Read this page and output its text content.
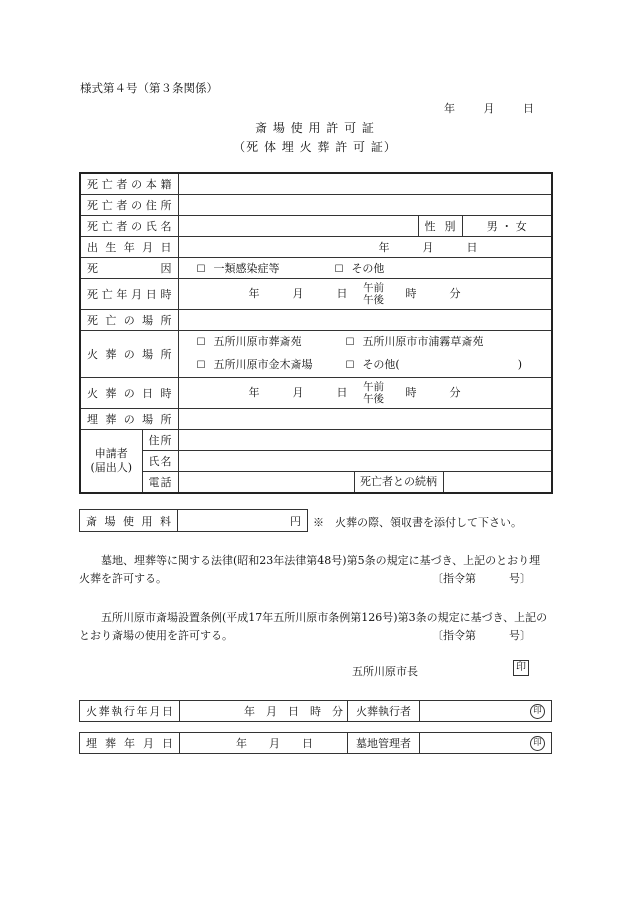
様式第４号（第３条関係）
年	月	日
斎 場 使 用 許 可 証
（死 体 埋 火 葬 許 可 証）
死亡者の本籍				
死亡者の住所				
死亡者の氏名			性別	男 ・ 女
出生年月日		年　　　月　　　日		
死　　　因		☐ 一類感染症等 ☐ その他		
死亡年月日時		年　　　月　　　日 午前
午後 時　　　分		
死亡の場所				
火葬の場所		☐ 五所川原市葬斎苑 ☐ 五所川原市市浦霧草斎苑
☐ 五所川原市金木斎場 ☐ その他( )		

火葬の日時		年　　　月　　　日 午前
午後 時　　　分		
埋葬の場所				
申請者
(届出人)	住所			
	氏名			
	電話	死亡者との続柄		
斎場使用料	円 ※　火葬の際、領収書を添付して下さい。
墓地、埋葬等に関する法律(昭和23年法律第48号)第5条の規定に基づき、上記のとおり埋火葬を許可する。	〔指令第　　　号〕
五所川原市斎場設置条例(平成17年五所川原市条例第126号)第3条の規定に基づき、上記のとおり斎場の使用を許可する。	〔指令第　　　号〕
五所川原市長	印
火葬執行年月日	年　月　日　時　分	火葬執行者	印
埋葬年月日	年　　月　　日	墓地管理者	印
